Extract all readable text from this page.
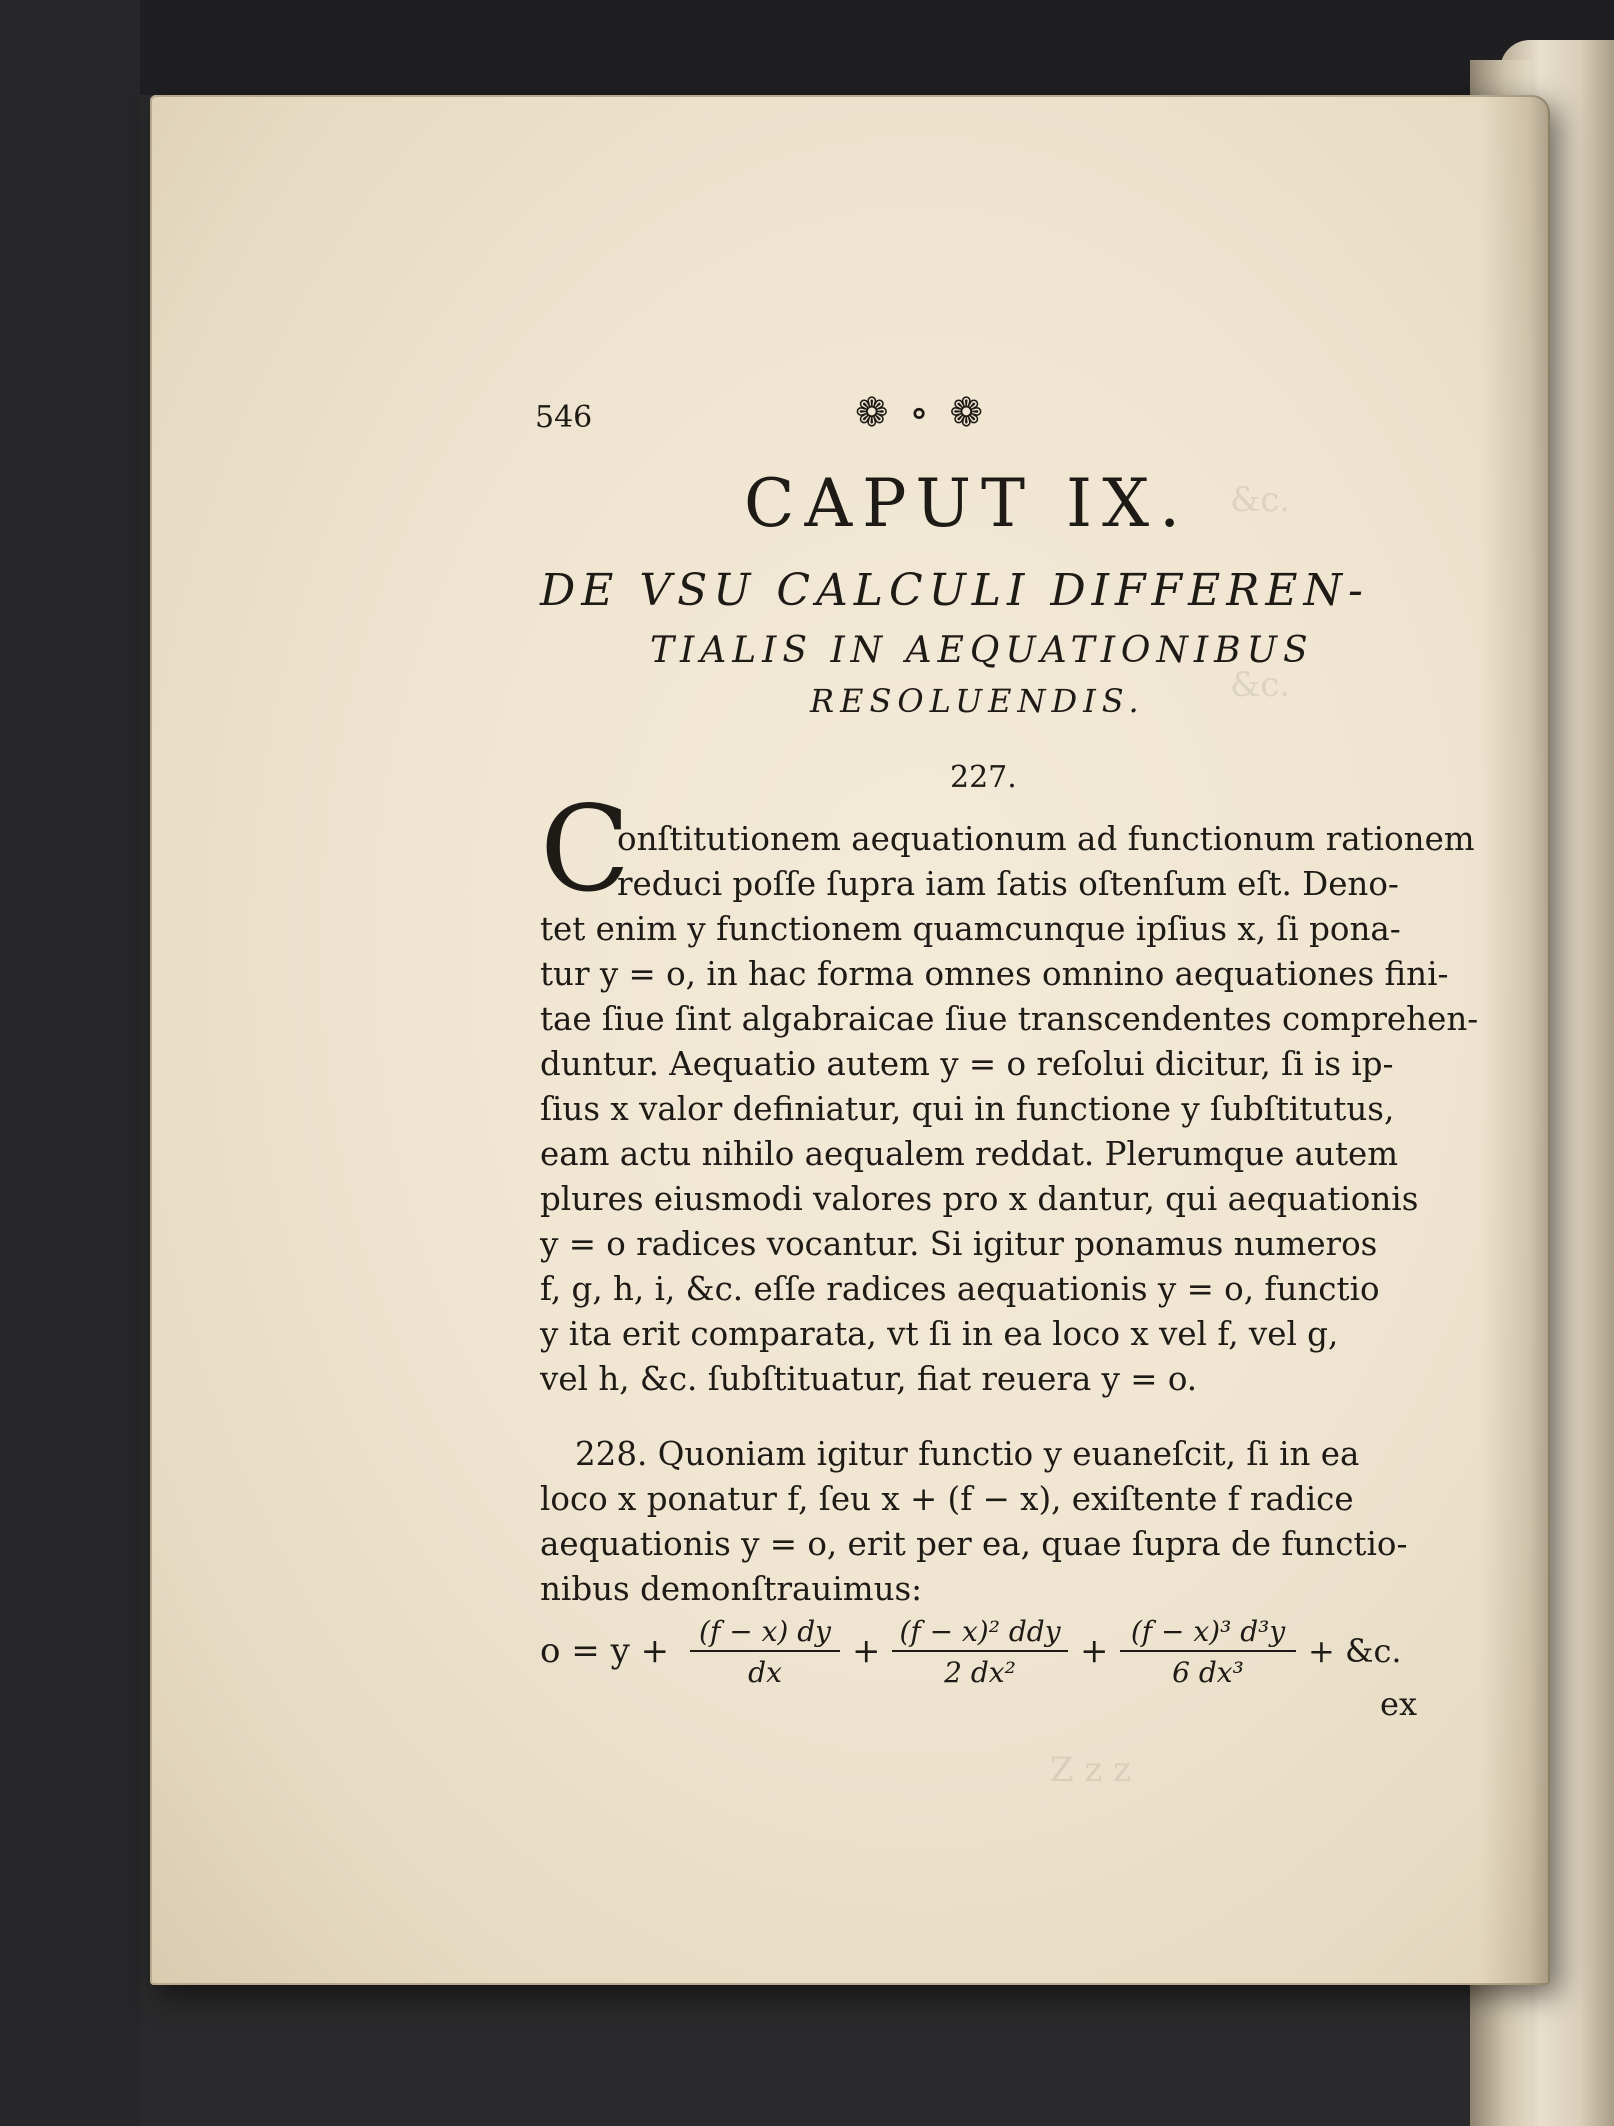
&c.
&c.
Z z z
546	❁ ∘ ❁
CAPUT IX.
DE VSU CALCULI DIFFEREN-
TIALIS IN AEQUATIONIBUS
RESOLUENDIS.
227.
C
onſtitutionem aequationum ad functionum rationem
reduci poſſe ſupra iam ſatis oſtenſum eſt. Deno-
tet enim y functionem quamcunque ipſius x, ſi pona-
tur y = o, in hac forma omnes omnino aequationes fini-
tae ſiue ſint algabraicae ſiue transcendentes comprehen-
duntur. Aequatio autem y = o reſolui dicitur, ſi is ip-
ſius x valor definiatur, qui in functione y ſubſtitutus,
eam actu nihilo aequalem reddat. Plerumque autem
plures eiusmodi valores pro x dantur, qui aequationis
y = o radices vocantur. Si igitur ponamus numeros
f, g, h, i, &c. eſſe radices aequationis y = o, functio
y ita erit comparata, vt ſi in ea loco x vel f, vel g,
vel h, &c. ſubſtituatur, fiat reuera y = o.
228. Quoniam igitur functio y euaneſcit, ſi in ea
loco x ponatur f, ſeu x + (f − x), exiſtente f radice
aequationis y = o, erit per ea, quae ſupra de functio-
nibus demonſtrauimus:
o = y + (f − x) dy
dx
+ (f − x)² ddy
2 dx²
+ (f − x)³ d³y
6 dx³
+ &c.
ex
